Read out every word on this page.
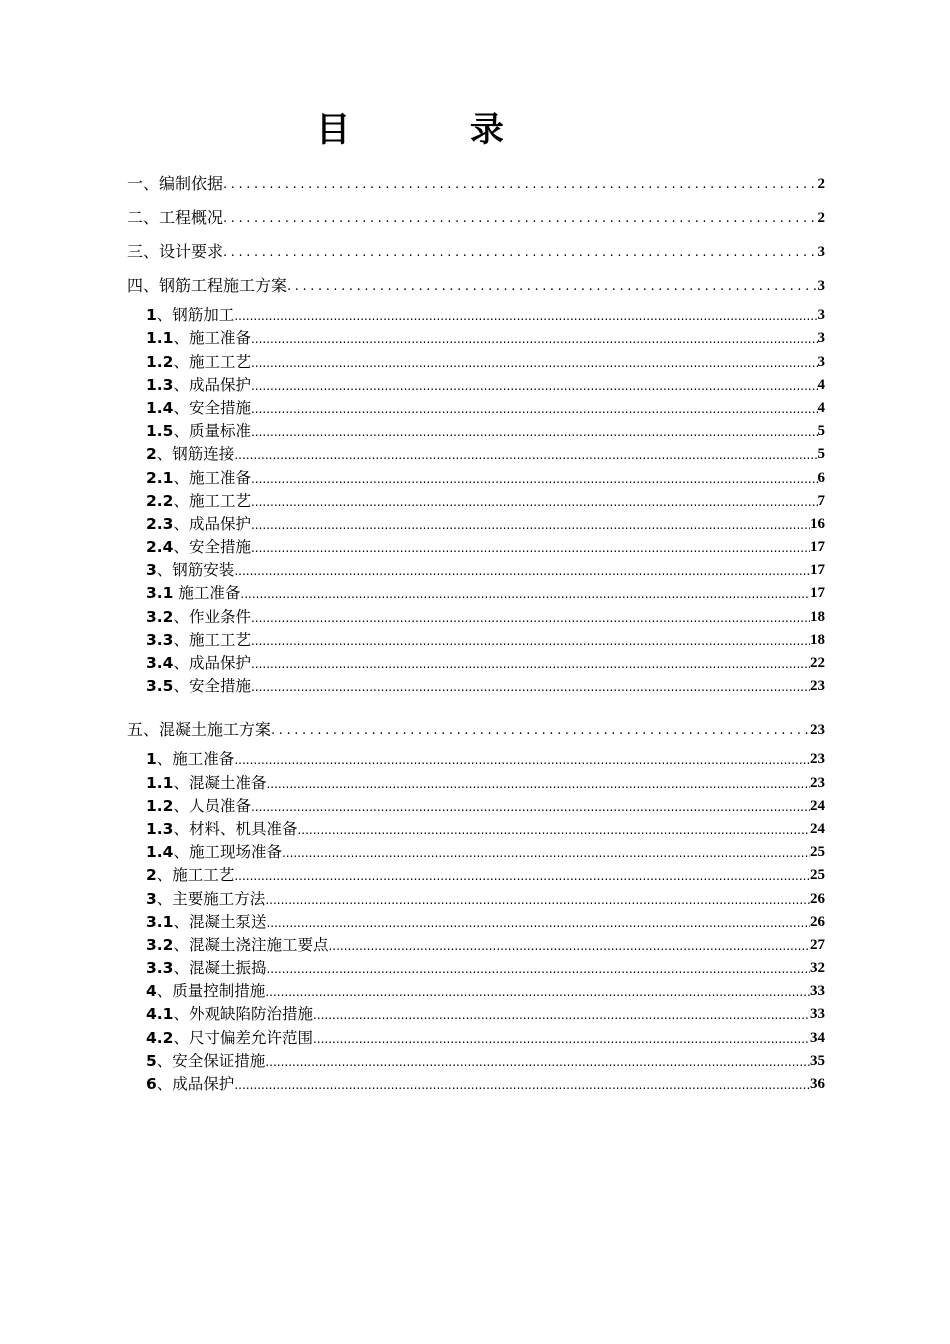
目 录
一、编制依据 .....	2
二、工程概况 .....	2
三、设计要求 .....	3
四、钢筋工程施工方案 .....	3
1、钢筋加工 .....	3
1.1、施工准备 .....	3
1.2、施工工艺 .....	3
1.3、成品保护 .....	4
1.4、安全措施 .....	4
1.5、质量标准 .....	5
2、钢筋连接 .....	5
2.1、施工准备 .....	6
2.2、施工工艺 .....	7
2.3、成品保护 .....	16
2.4、安全措施 .....	17
3、钢筋安装 .....	17
3.1 施工准备 .....	17
3.2、作业条件 .....	18
3.3、施工工艺 .....	18
3.4、成品保护 .....	22
3.5、安全措施 .....	23
五、混凝土施工方案 .....	23
1、施工准备 .....	23
1.1、混凝土准备 .....	23
1.2、人员准备 .....	24
1.3、材料、机具准备 .....	24
1.4、施工现场准备 .....	25
2、施工工艺 .....	25
3、主要施工方法 .....	26
3.1、混凝土泵送 .....	26
3.2、混凝土浇注施工要点 .....	27
3.3、混凝土振捣 .....	32
4、质量控制措施 .....	33
4.1、外观缺陷防治措施 .....	33
4.2、尺寸偏差允许范围 .....	34
5、安全保证措施 .....	35
6、成品保护 .....	36
